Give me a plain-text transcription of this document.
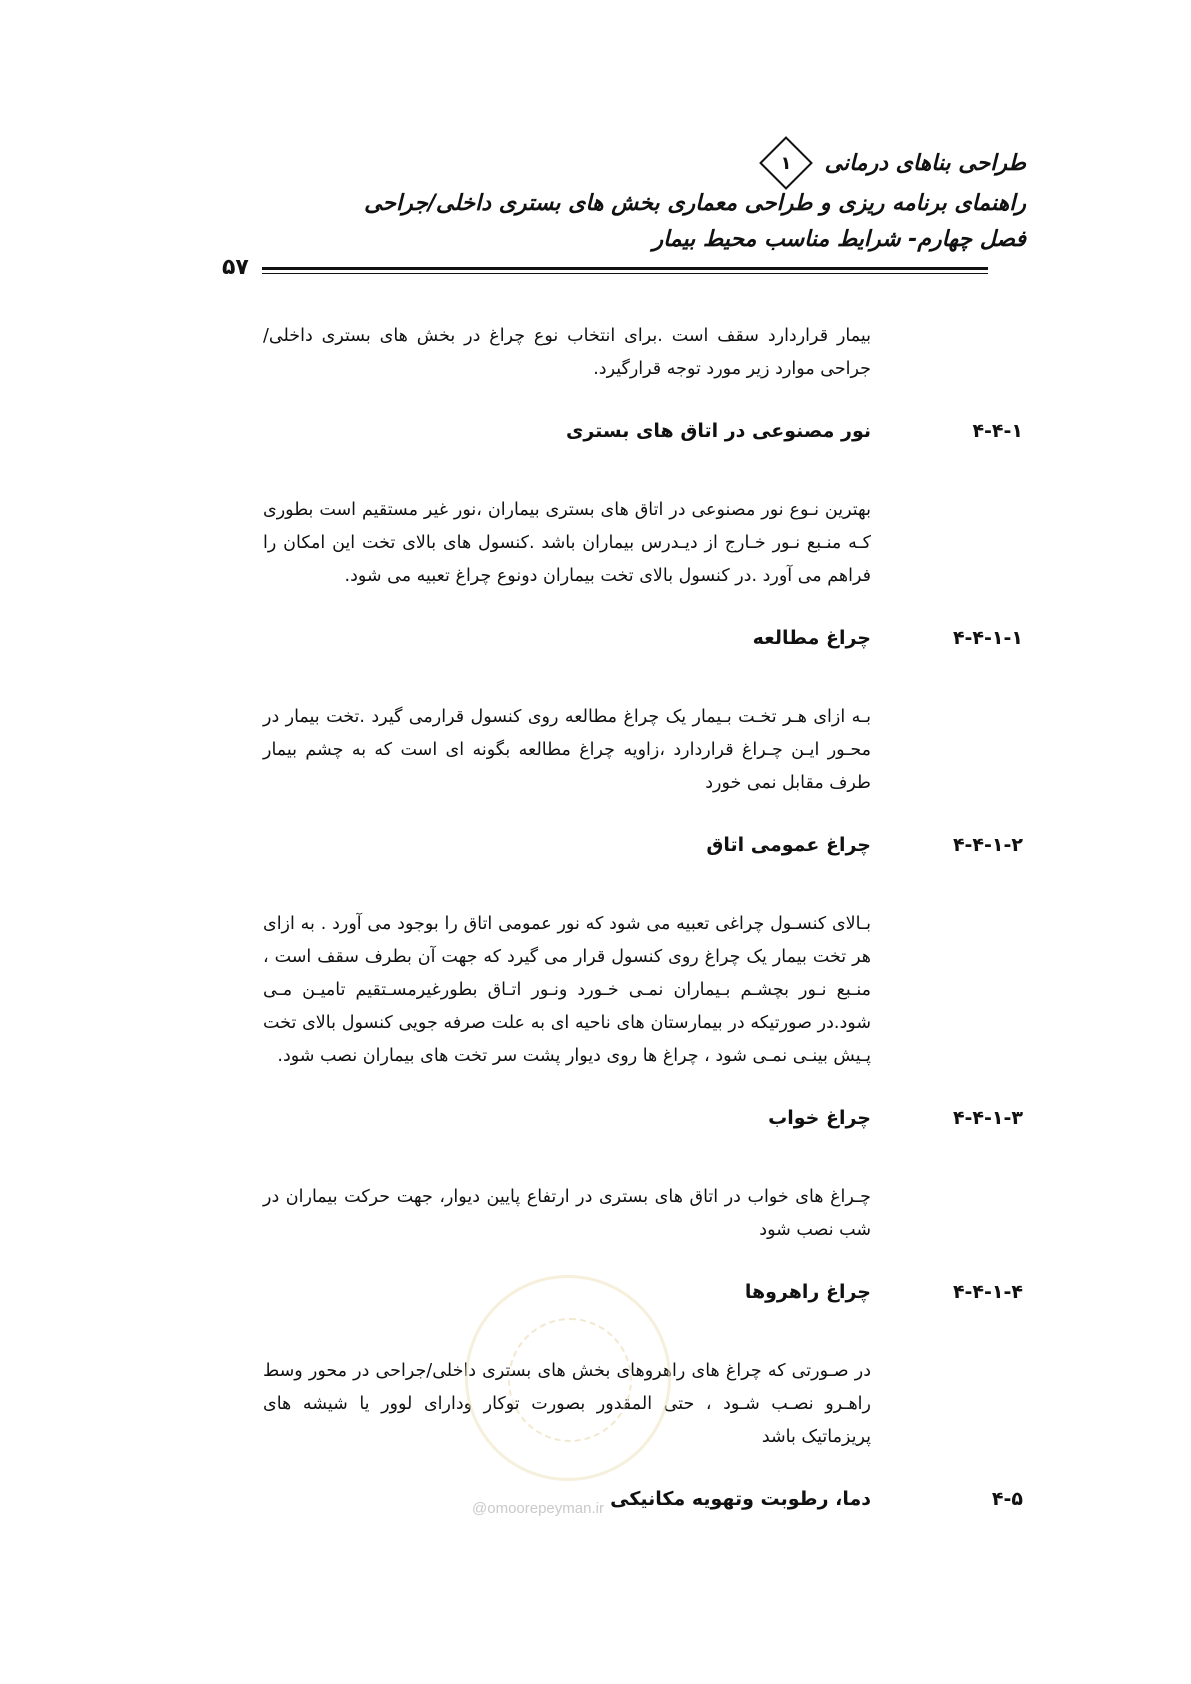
طراحی بناهای درمانی
۱
راهنمای برنامه ریزی و طراحی معماری بخش های بستری داخلی/جراحی
فصل چهارم- شرایط مناسب محیط بیمار
۵۷

بیمار قراردارد سقف است .برای انتخاب نوع چراغ در بخش های بستری داخلی/جراحی موارد زیر مورد توجه قرارگیرد.

۴-۴-۱
نور مصنوعی در اتاق های بستری

بهترین نـوع نور مصنوعی در اتاق های بستری بیماران ،نور غیر مستقیم است بطوری کـه منـبع نـور خـارج از دیـدرس بیماران باشد .کنسول های بالای تخت این امکان را فراهم می آورد .در کنسول بالای تخت بیماران دونوع چراغ تعبیه می شود.

۴-۴-۱-۱
چراغ مطالعه

بـه ازای هـر تخـت بـیمار یک چراغ مطالعه روی کنسول قرارمی گیرد .تخت بیمار در محـور ایـن چـراغ قراردارد ،زاویه چراغ مطالعه بگونه ای است که به چشم بیمار طرف مقابل نمی خورد

۴-۴-۱-۲
چراغ عمومی اتاق

بـالای کنسـول چراغی تعبیه می شود که نور عمومی اتاق را بوجود می آورد . به ازای هر تخت بیمار یک چراغ روی کنسول قرار می گیرد که جهت آن بطرف سقف است ، منـبع نـور بچشـم بـیماران نمـی خـورد ونـور اتـاق بطورغیرمسـتقیم تامیـن مـی شود.در صورتیکه در بیمارستان های ناحیه ای به علت صرفه جویی کنسول بالای تخت پـیش بینـی نمـی شود ، چراغ ها روی دیوار پشت سر تخت های بیماران نصب شود.

۴-۴-۱-۳
چراغ خواب

چـراغ های خواب در اتاق های بستری در ارتفاع پایین دیوار، جهت حرکت بیماران در شب نصب شود

۴-۴-۱-۴
چراغ راهروها

در صـورتی که چراغ های راهروهای بخش های بستری داخلی/جراحی در محور وسط راهـرو نصـب شـود ، حتی المقدور بصورت توکار ودارای لوور یا شیشه های پریزماتیک باشد

۴-۵
دما، رطوبت وتهویه مکانیکی
@omoorepeyman.ir
